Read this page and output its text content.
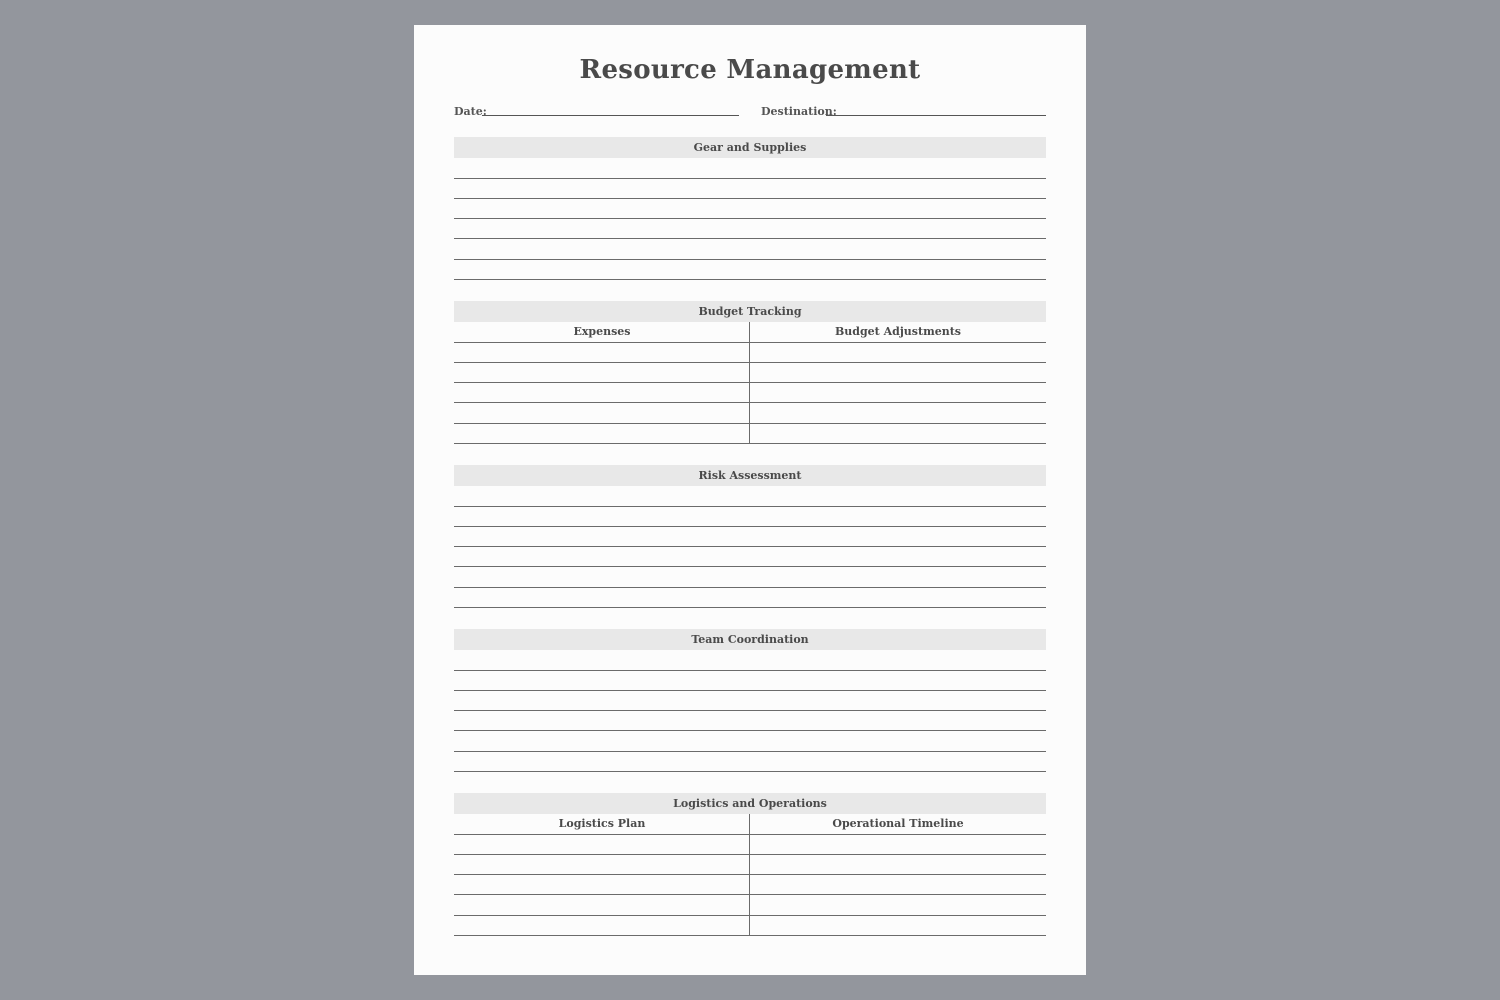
Resource Management
Date:	Destination:
Gear and Supplies
Budget Tracking
Expenses	Budget Adjustments
Risk Assessment
Team Coordination
Logistics and Operations
Logistics Plan	Operational Timeline
